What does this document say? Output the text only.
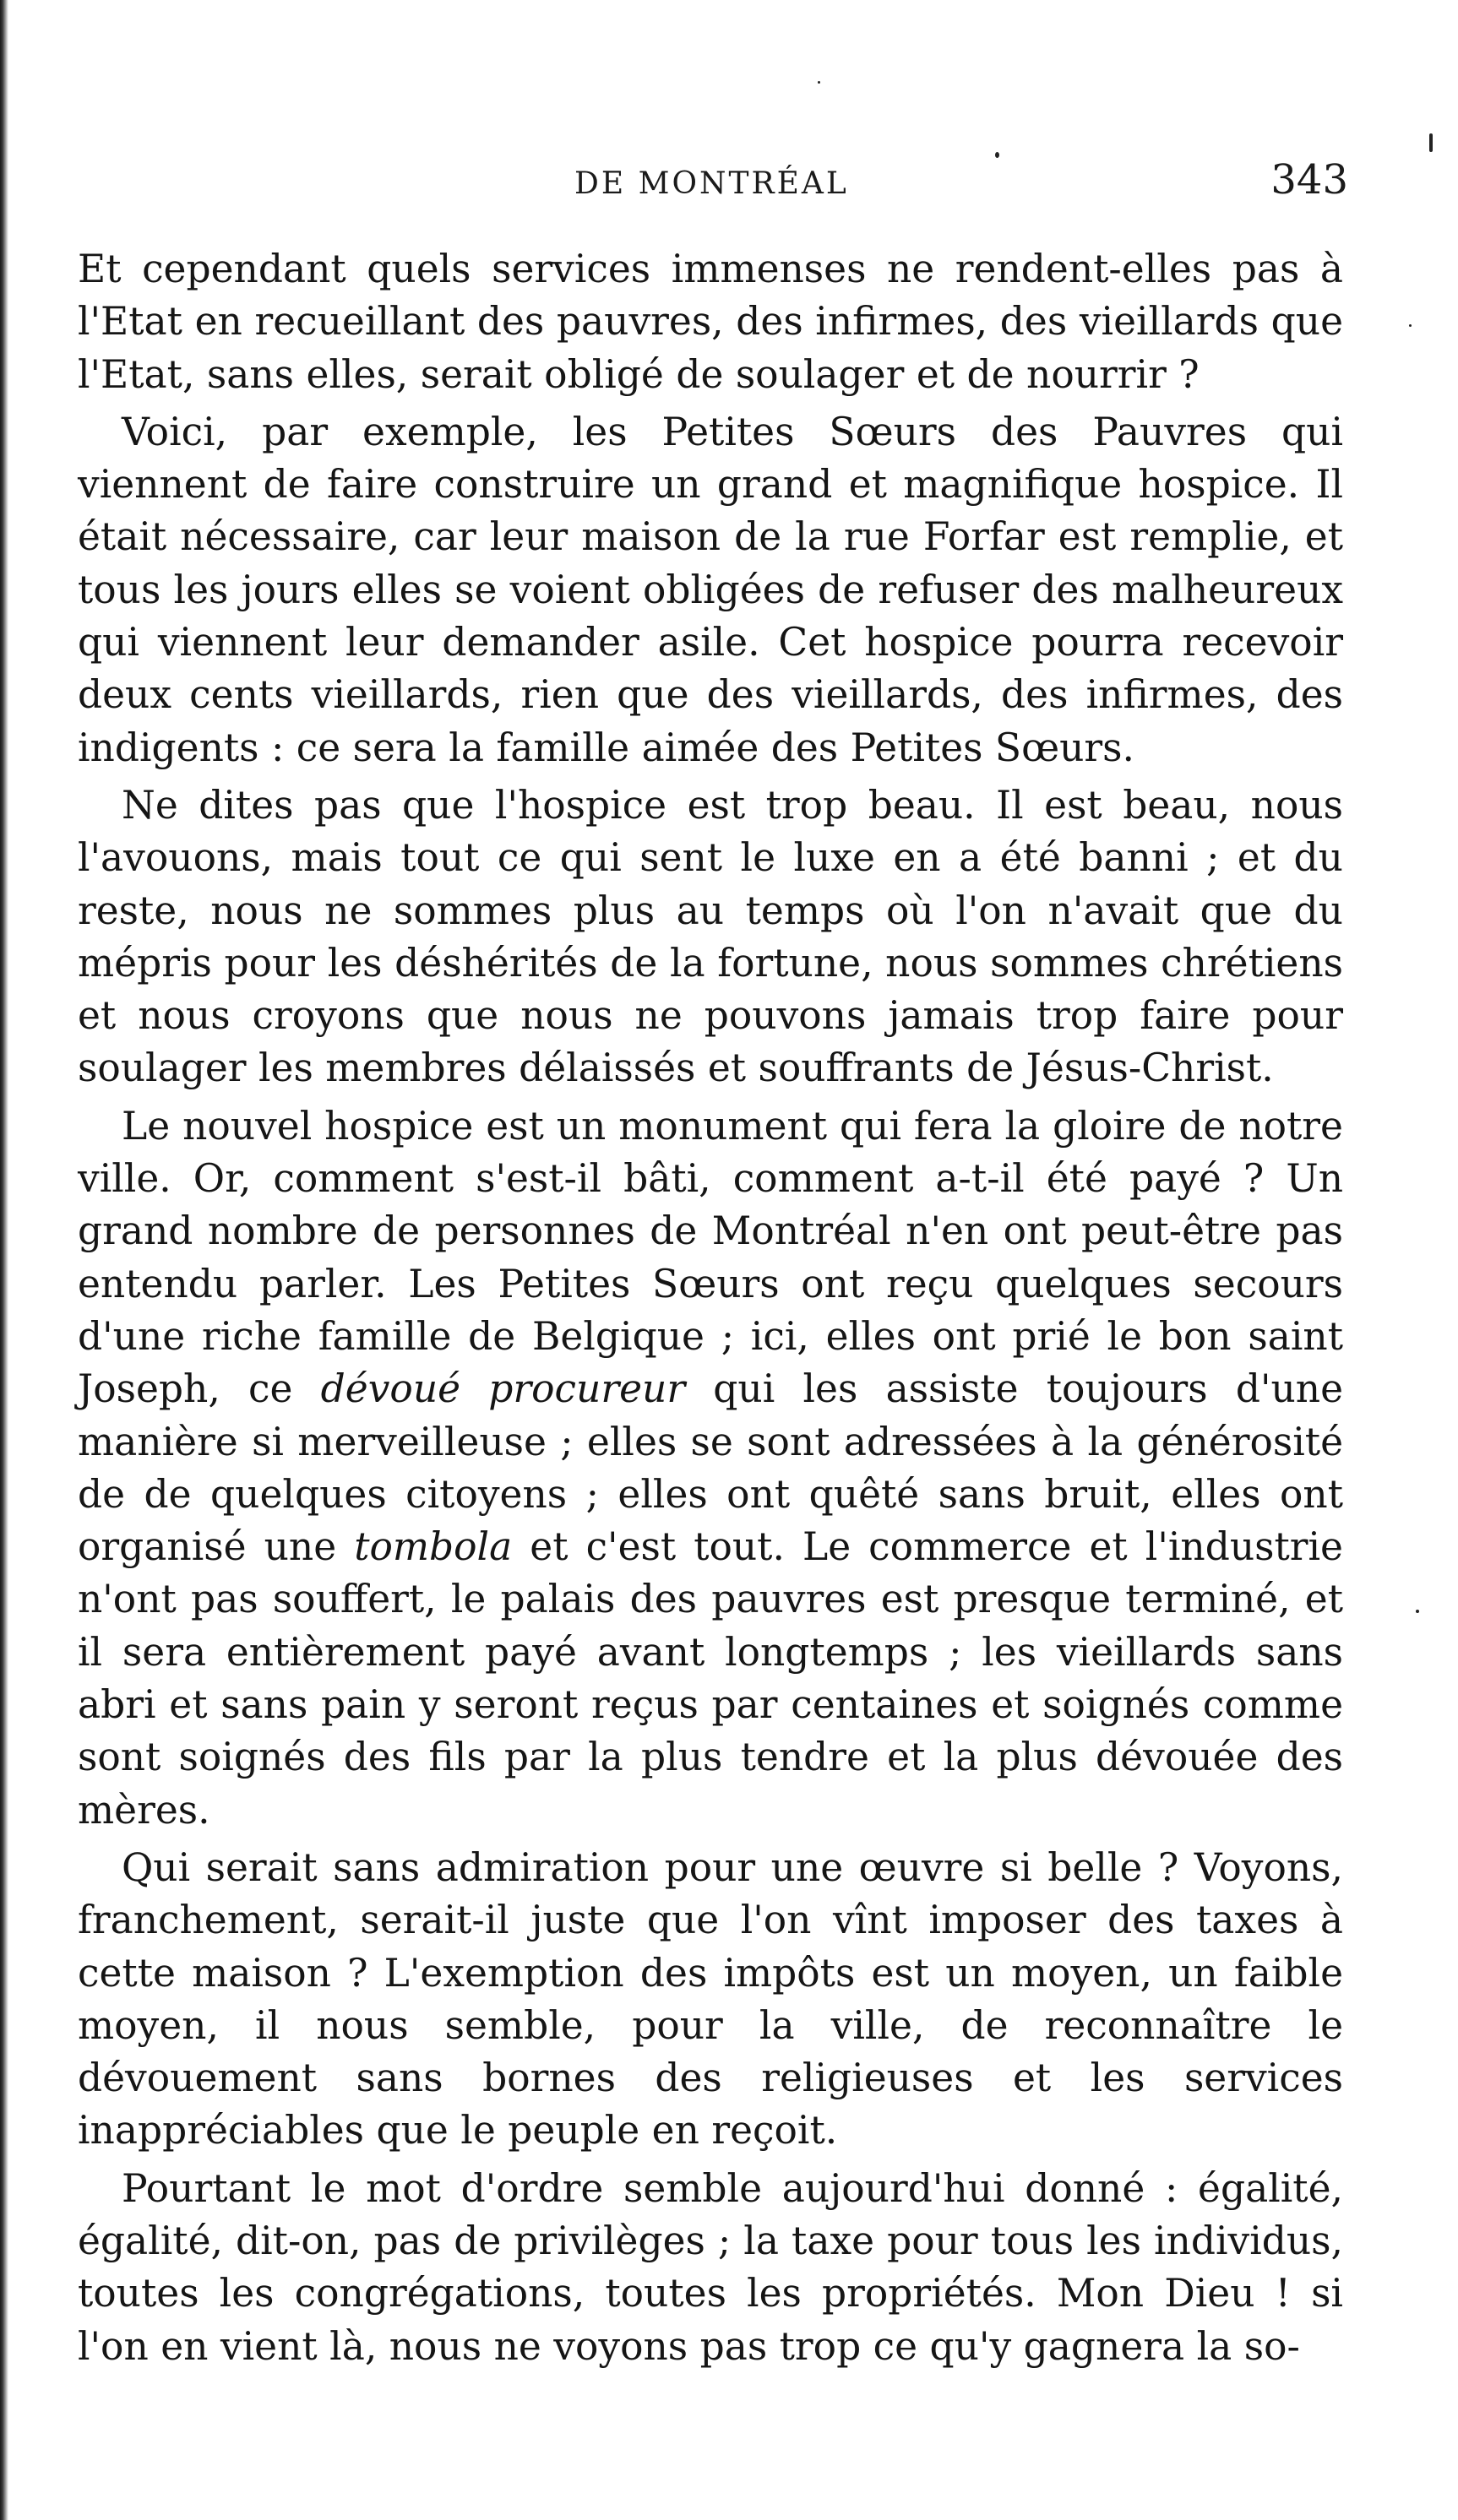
DE MONTRÉAL	343

Et cependant quels services immenses ne rendent-elles pas à l'Etat en recueillant des pauvres, des infirmes, des vieillards que l'Etat, sans elles, serait obligé de soulager et de nourrir ?

Voici, par exemple, les Petites Sœurs des Pauvres qui viennent de faire construire un grand et magnifique hospice. Il était nécessaire, car leur maison de la rue Forfar est remplie, et tous les jours elles se voient obligées de refuser des malheureux qui viennent leur demander asile. Cet hospice pourra recevoir deux cents vieillards, rien que des vieillards, des infirmes, des indigents : ce sera la famille aimée des Petites Sœurs.

Ne dites pas que l'hospice est trop beau. Il est beau, nous l'avouons, mais tout ce qui sent le luxe en a été banni ; et du reste, nous ne sommes plus au temps où l'on n'avait que du mépris pour les déshérités de la fortune, nous sommes chrétiens et nous croyons que nous ne pouvons jamais trop faire pour soulager les membres délaissés et souffrants de Jésus-Christ.

Le nouvel hospice est un monument qui fera la gloire de notre ville. Or, comment s'est-il bâti, comment a-t-il été payé ? Un grand nombre de personnes de Montréal n'en ont peut-être pas entendu parler. Les Petites Sœurs ont reçu quelques secours d'une riche famille de Belgique ; ici, elles ont prié le bon saint Joseph, ce dévoué procureur qui les assiste toujours d'une manière si merveilleuse ; elles se sont adressées à la générosité de de quelques citoyens ; elles ont quêté sans bruit, elles ont organisé une tombola et c'est tout. Le commerce et l'industrie n'ont pas souffert, le palais des pauvres est presque terminé, et il sera entièrement payé avant longtemps ; les vieillards sans abri et sans pain y seront reçus par centaines et soignés comme sont soignés des fils par la plus tendre et la plus dévouée des mères.

Qui serait sans admiration pour une œuvre si belle ? Voyons, franchement, serait-il juste que l'on vînt imposer des taxes à cette maison ? L'exemption des impôts est un moyen, un faible moyen, il nous semble, pour la ville, de reconnaître le dévouement sans bornes des religieuses et les services inappréciables que le peuple en reçoit.

Pourtant le mot d'ordre semble aujourd'hui donné : égalité, égalité, dit-on, pas de privilèges ; la taxe pour tous les individus, toutes les congrégations, toutes les propriétés. Mon Dieu ! si l'on en vient là, nous ne voyons pas trop ce qu'y gagnera la so-
